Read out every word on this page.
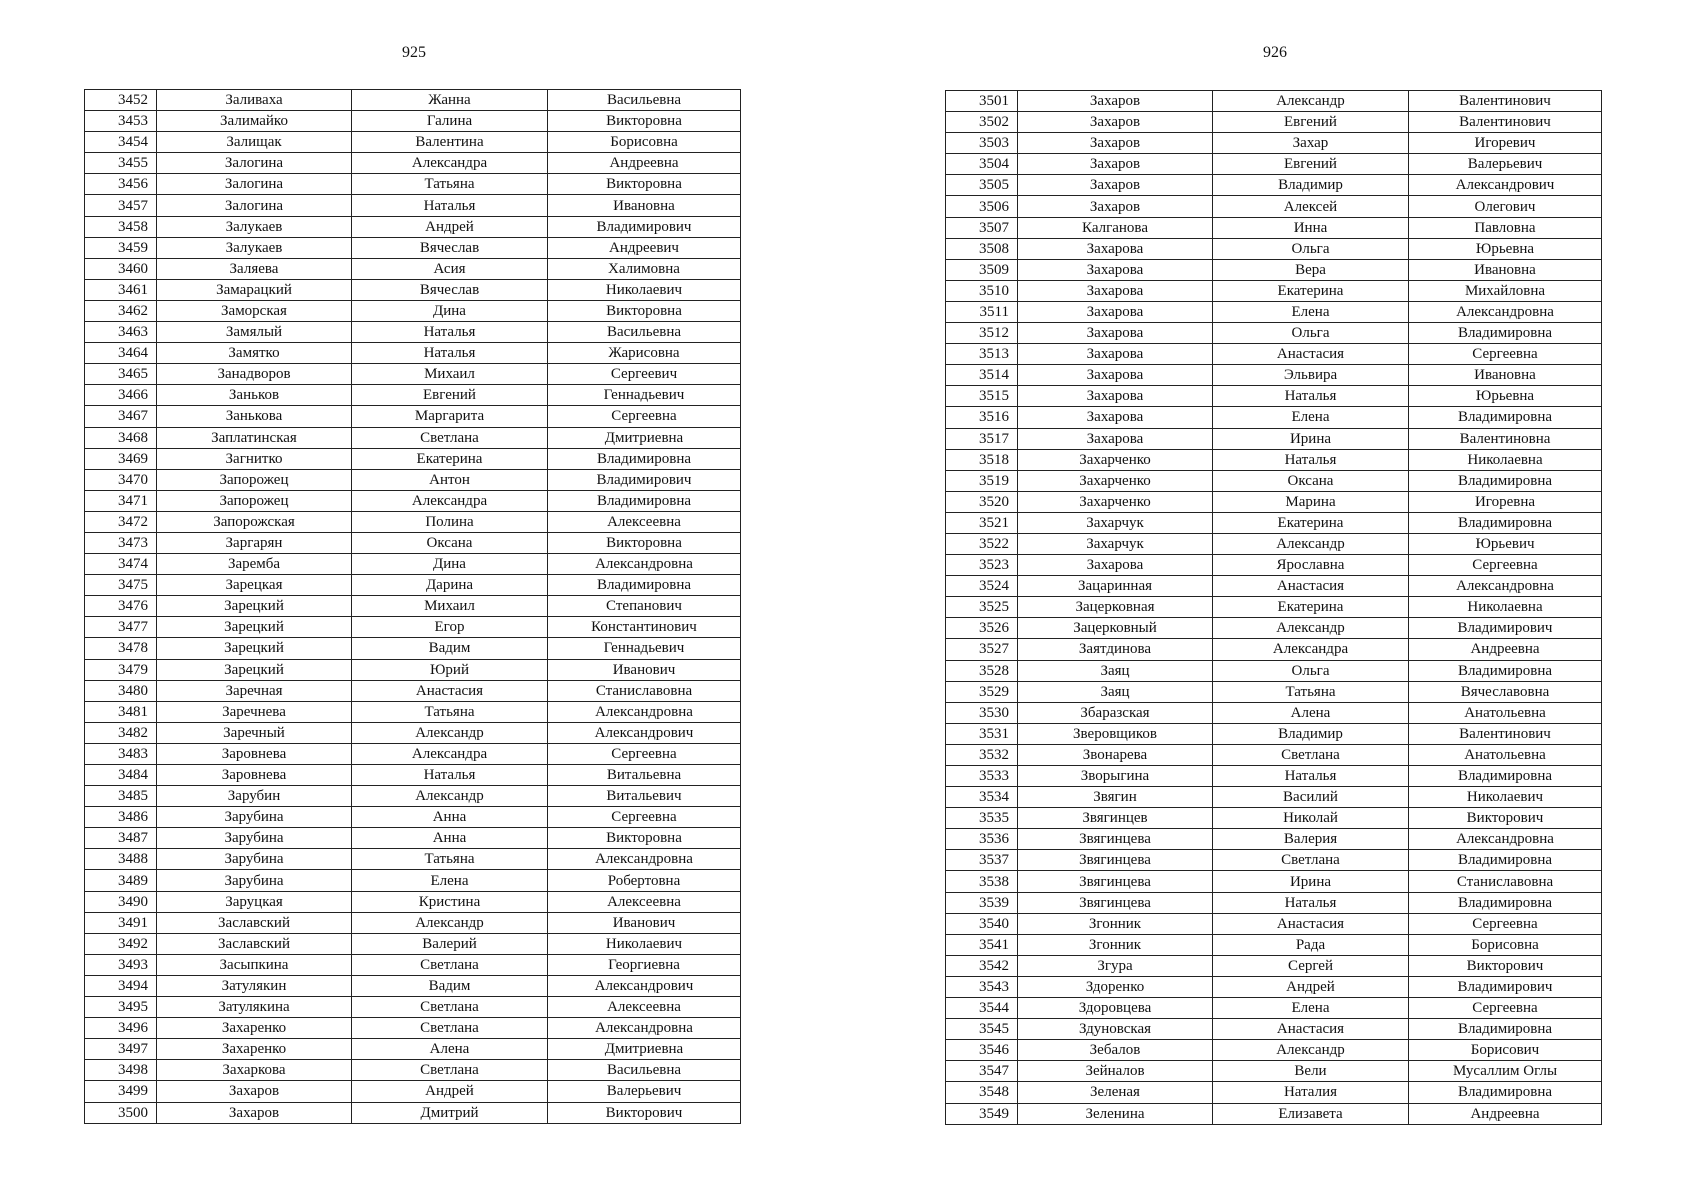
925
3452	Заливаха	Жанна	Васильевна
3453	Залимайко	Галина	Викторовна
3454	Залищак	Валентина	Борисовна
3455	Залогина	Александра	Андреевна
3456	Залогина	Татьяна	Викторовна
3457	Залогина	Наталья	Ивановна
3458	Залукаев	Андрей	Владимирович
3459	Залукаев	Вячеслав	Андреевич
3460	Заляева	Асия	Халимовна
3461	Замарацкий	Вячеслав	Николаевич
3462	Заморская	Дина	Викторовна
3463	Замялый	Наталья	Васильевна
3464	Замятко	Наталья	Жарисовна
3465	Занадворов	Михаил	Сергеевич
3466	Заньков	Евгений	Геннадьевич
3467	Занькова	Маргарита	Сергеевна
3468	Заплатинская	Светлана	Дмитриевна
3469	Загнитко	Екатерина	Владимировна
3470	Запорожец	Антон	Владимирович
3471	Запорожец	Александра	Владимировна
3472	Запорожская	Полина	Алексеевна
3473	Заргарян	Оксана	Викторовна
3474	Заремба	Дина	Александровна
3475	Зарецкая	Дарина	Владимировна
3476	Зарецкий	Михаил	Степанович
3477	Зарецкий	Егор	Константинович
3478	Зарецкий	Вадим	Геннадьевич
3479	Зарецкий	Юрий	Иванович
3480	Заречная	Анастасия	Станиславовна
3481	Заречнева	Татьяна	Александровна
3482	Заречный	Александр	Александрович
3483	Заровнева	Александра	Сергеевна
3484	Заровнева	Наталья	Витальевна
3485	Зарубин	Александр	Витальевич
3486	Зарубина	Анна	Сергеевна
3487	Зарубина	Анна	Викторовна
3488	Зарубина	Татьяна	Александровна
3489	Зарубина	Елена	Робертовна
3490	Заруцкая	Кристина	Алексеевна
3491	Заславский	Александр	Иванович
3492	Заславский	Валерий	Николаевич
3493	Засыпкина	Светлана	Георгиевна
3494	Затулякин	Вадим	Александрович
3495	Затулякина	Светлана	Алексеевна
3496	Захаренко	Светлана	Александровна
3497	Захаренко	Алена	Дмитриевна
3498	Захаркова	Светлана	Васильевна
3499	Захаров	Андрей	Валерьевич
3500	Захаров	Дмитрий	Викторович
926
3501	Захаров	Александр	Валентинович
3502	Захаров	Евгений	Валентинович
3503	Захаров	Захар	Игоревич
3504	Захаров	Евгений	Валерьевич
3505	Захаров	Владимир	Александрович
3506	Захаров	Алексей	Олегович
3507	Калганова	Инна	Павловна
3508	Захарова	Ольга	Юрьевна
3509	Захарова	Вера	Ивановна
3510	Захарова	Екатерина	Михайловна
3511	Захарова	Елена	Александровна
3512	Захарова	Ольга	Владимировна
3513	Захарова	Анастасия	Сергеевна
3514	Захарова	Эльвира	Ивановна
3515	Захарова	Наталья	Юрьевна
3516	Захарова	Елена	Владимировна
3517	Захарова	Ирина	Валентиновна
3518	Захарченко	Наталья	Николаевна
3519	Захарченко	Оксана	Владимировна
3520	Захарченко	Марина	Игоревна
3521	Захарчук	Екатерина	Владимировна
3522	Захарчук	Александр	Юрьевич
3523	Захарова	Ярославна	Сергеевна
3524	Зацаринная	Анастасия	Александровна
3525	Зацерковная	Екатерина	Николаевна
3526	Зацерковный	Александр	Владимирович
3527	Заятдинова	Александра	Андреевна
3528	Заяц	Ольга	Владимировна
3529	Заяц	Татьяна	Вячеславовна
3530	Збаразская	Алена	Анатольевна
3531	Зверовщиков	Владимир	Валентинович
3532	Звонарева	Светлана	Анатольевна
3533	Зворыгина	Наталья	Владимировна
3534	Звягин	Василий	Николаевич
3535	Звягинцев	Николай	Викторович
3536	Звягинцева	Валерия	Александровна
3537	Звягинцева	Светлана	Владимировна
3538	Звягинцева	Ирина	Станиславовна
3539	Звягинцева	Наталья	Владимировна
3540	Згонник	Анастасия	Сергеевна
3541	Згонник	Рада	Борисовна
3542	Згура	Сергей	Викторович
3543	Здоренко	Андрей	Владимирович
3544	Здоровцева	Елена	Сергеевна
3545	Здуновская	Анастасия	Владимировна
3546	Зебалов	Александр	Борисович
3547	Зейналов	Вели	Мусаллим Оглы
3548	Зеленая	Наталия	Владимировна
3549	Зеленина	Елизавета	Андреевна
